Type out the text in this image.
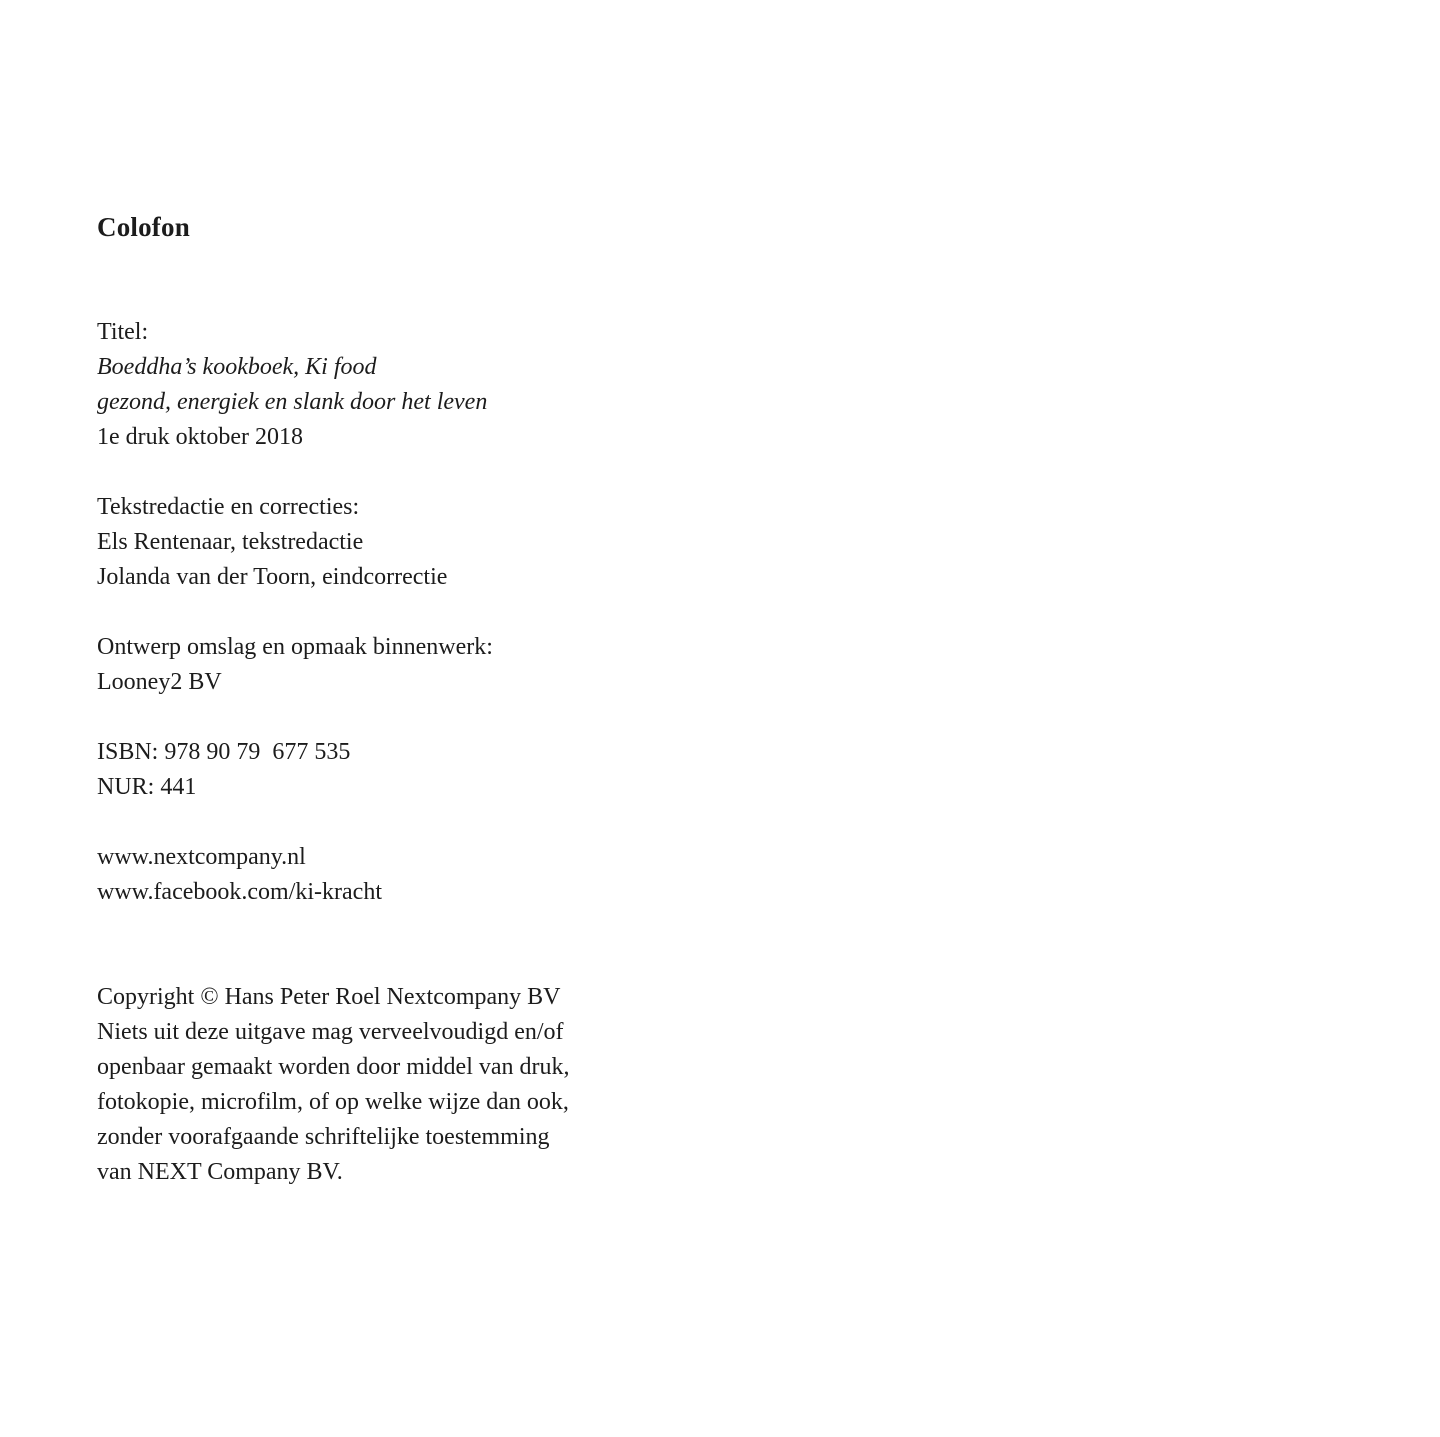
Colofon
Titel:
Boeddha’s kookboek, Ki food
gezond, energiek en slank door het leven
1e druk oktober 2018
Tekstredactie en correcties:
Els Rentenaar, tekstredactie
Jolanda van der Toorn, eindcorrectie
Ontwerp omslag en opmaak binnenwerk:
Looney2 BV
ISBN: 978 90 79  677 535
NUR: 441
www.nextcompany.nl
www.facebook.com/ki-kracht
Copyright © Hans Peter Roel Nextcompany BV
Niets uit deze uitgave mag verveelvoudigd en/of
openbaar gemaakt worden door middel van druk,
fotokopie, microfilm, of op welke wijze dan ook,
zonder voorafgaande schriftelijke toestemming
van NEXT Company BV.
